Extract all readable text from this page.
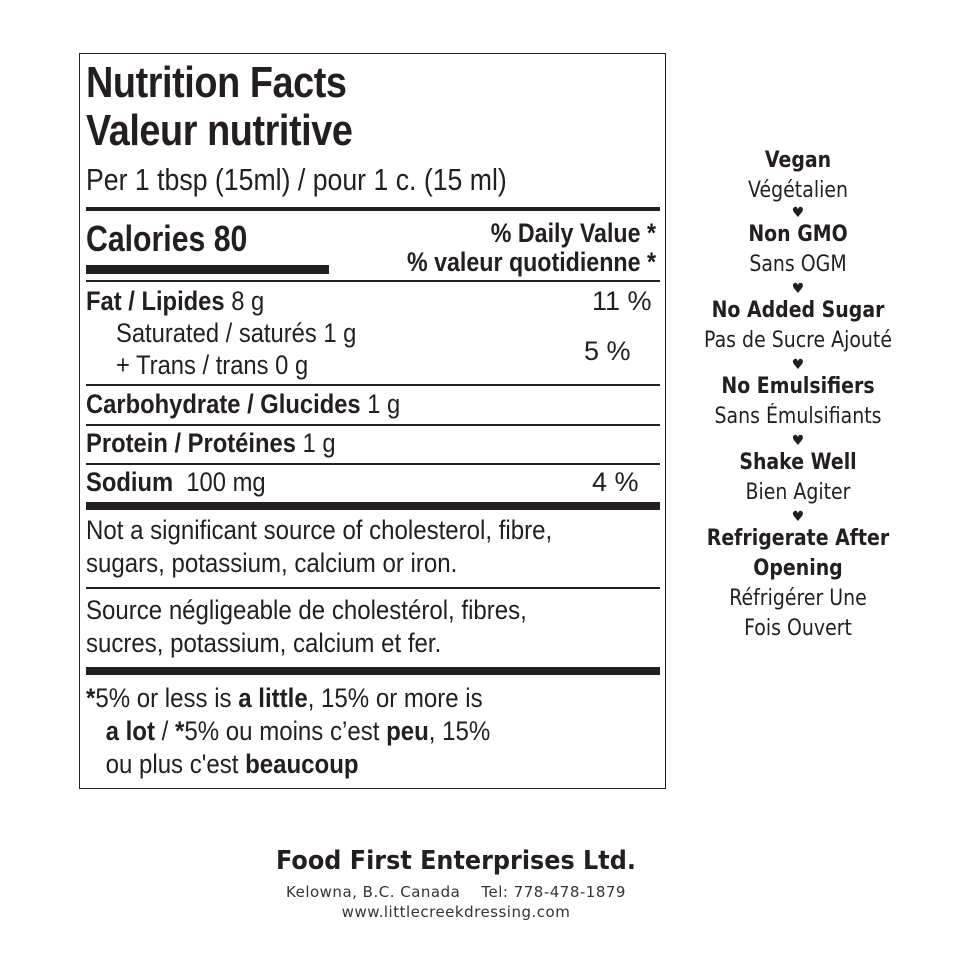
Nutrition Facts
Valeur nutritive
Per 1 tbsp (15ml) / pour 1 c. (15 ml)
Calories 80	% Daily Value *
% valeur quotidienne *
Fat / Lipides 8 g	11 %
Saturated / saturés 1 g
+ Trans / trans 0 g	5 %
Carbohydrate / Glucides 1 g
Protein / Protéines 1 g
Sodium  100 mg	4 %
Not a significant source of cholesterol, fibre,
sugars, potassium, calcium or iron.
Source négligeable de cholestérol, fibres,
sucres, potassium, calcium et fer.
*5% or less is a little, 15% or more is
a lot / *5% ou moins c’est peu, 15%
ou plus c'est beaucoup
Vegan
Végétalien
♥
Non GMO
Sans OGM
♥
No Added Sugar
Pas de Sucre Ajouté
♥
No Emulsifiers
Sans Émulsifiants
♥
Shake Well
Bien Agiter
♥
Refrigerate After
Opening
Réfrigérer Une
Fois Ouvert
Food First Enterprises Ltd.
Kelowna, B.C. Canada    Tel: 778-478-1879
www.littlecreekdressing.com
